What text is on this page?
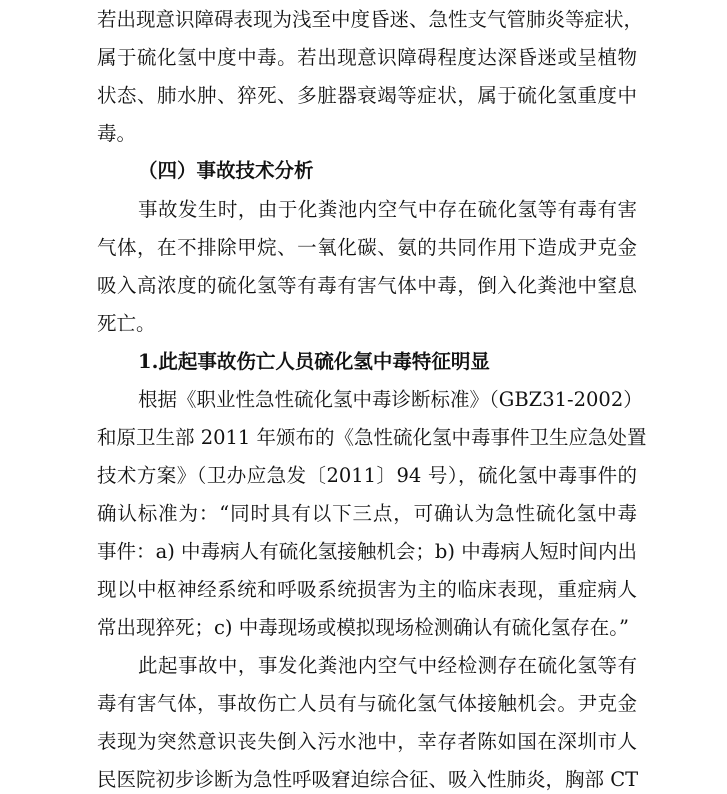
若出现意识障碍表现为浅至中度昏迷、急性支气管肺炎等症状，
属于硫化氢中度中毒。若出现意识障碍程度达深昏迷或呈植物
状态、肺水肿、猝死、多脏器衰竭等症状，属于硫化氢重度中
毒。
（四）事故技术分析
事故发生时，由于化粪池内空气中存在硫化氢等有毒有害
气体，在不排除甲烷、一氧化碳、氨的共同作用下造成尹克金
吸入高浓度的硫化氢等有毒有害气体中毒，倒入化粪池中窒息
死亡。
1.此起事故伤亡人员硫化氢中毒特征明显
根据《职业性急性硫化氢中毒诊断标准》（GBZ31-2002）
和原卫生部 2011 年颁布的《急性硫化氢中毒事件卫生应急处置
技术方案》（卫办应急发〔2011〕94 号），硫化氢中毒事件的
确认标准为：“同时具有以下三点，可确认为急性硫化氢中毒
事件：a) 中毒病人有硫化氢接触机会；b) 中毒病人短时间内出
现以中枢神经系统和呼吸系统损害为主的临床表现，重症病人
常出现猝死；c) 中毒现场或模拟现场检测确认有硫化氢存在。”
此起事故中，事发化粪池内空气中经检测存在硫化氢等有
毒有害气体，事故伤亡人员有与硫化氢气体接触机会。尹克金
表现为突然意识丧失倒入污水池中，幸存者陈如国在深圳市人
民医院初步诊断为急性呼吸窘迫综合征、吸入性肺炎，胸部 CT
